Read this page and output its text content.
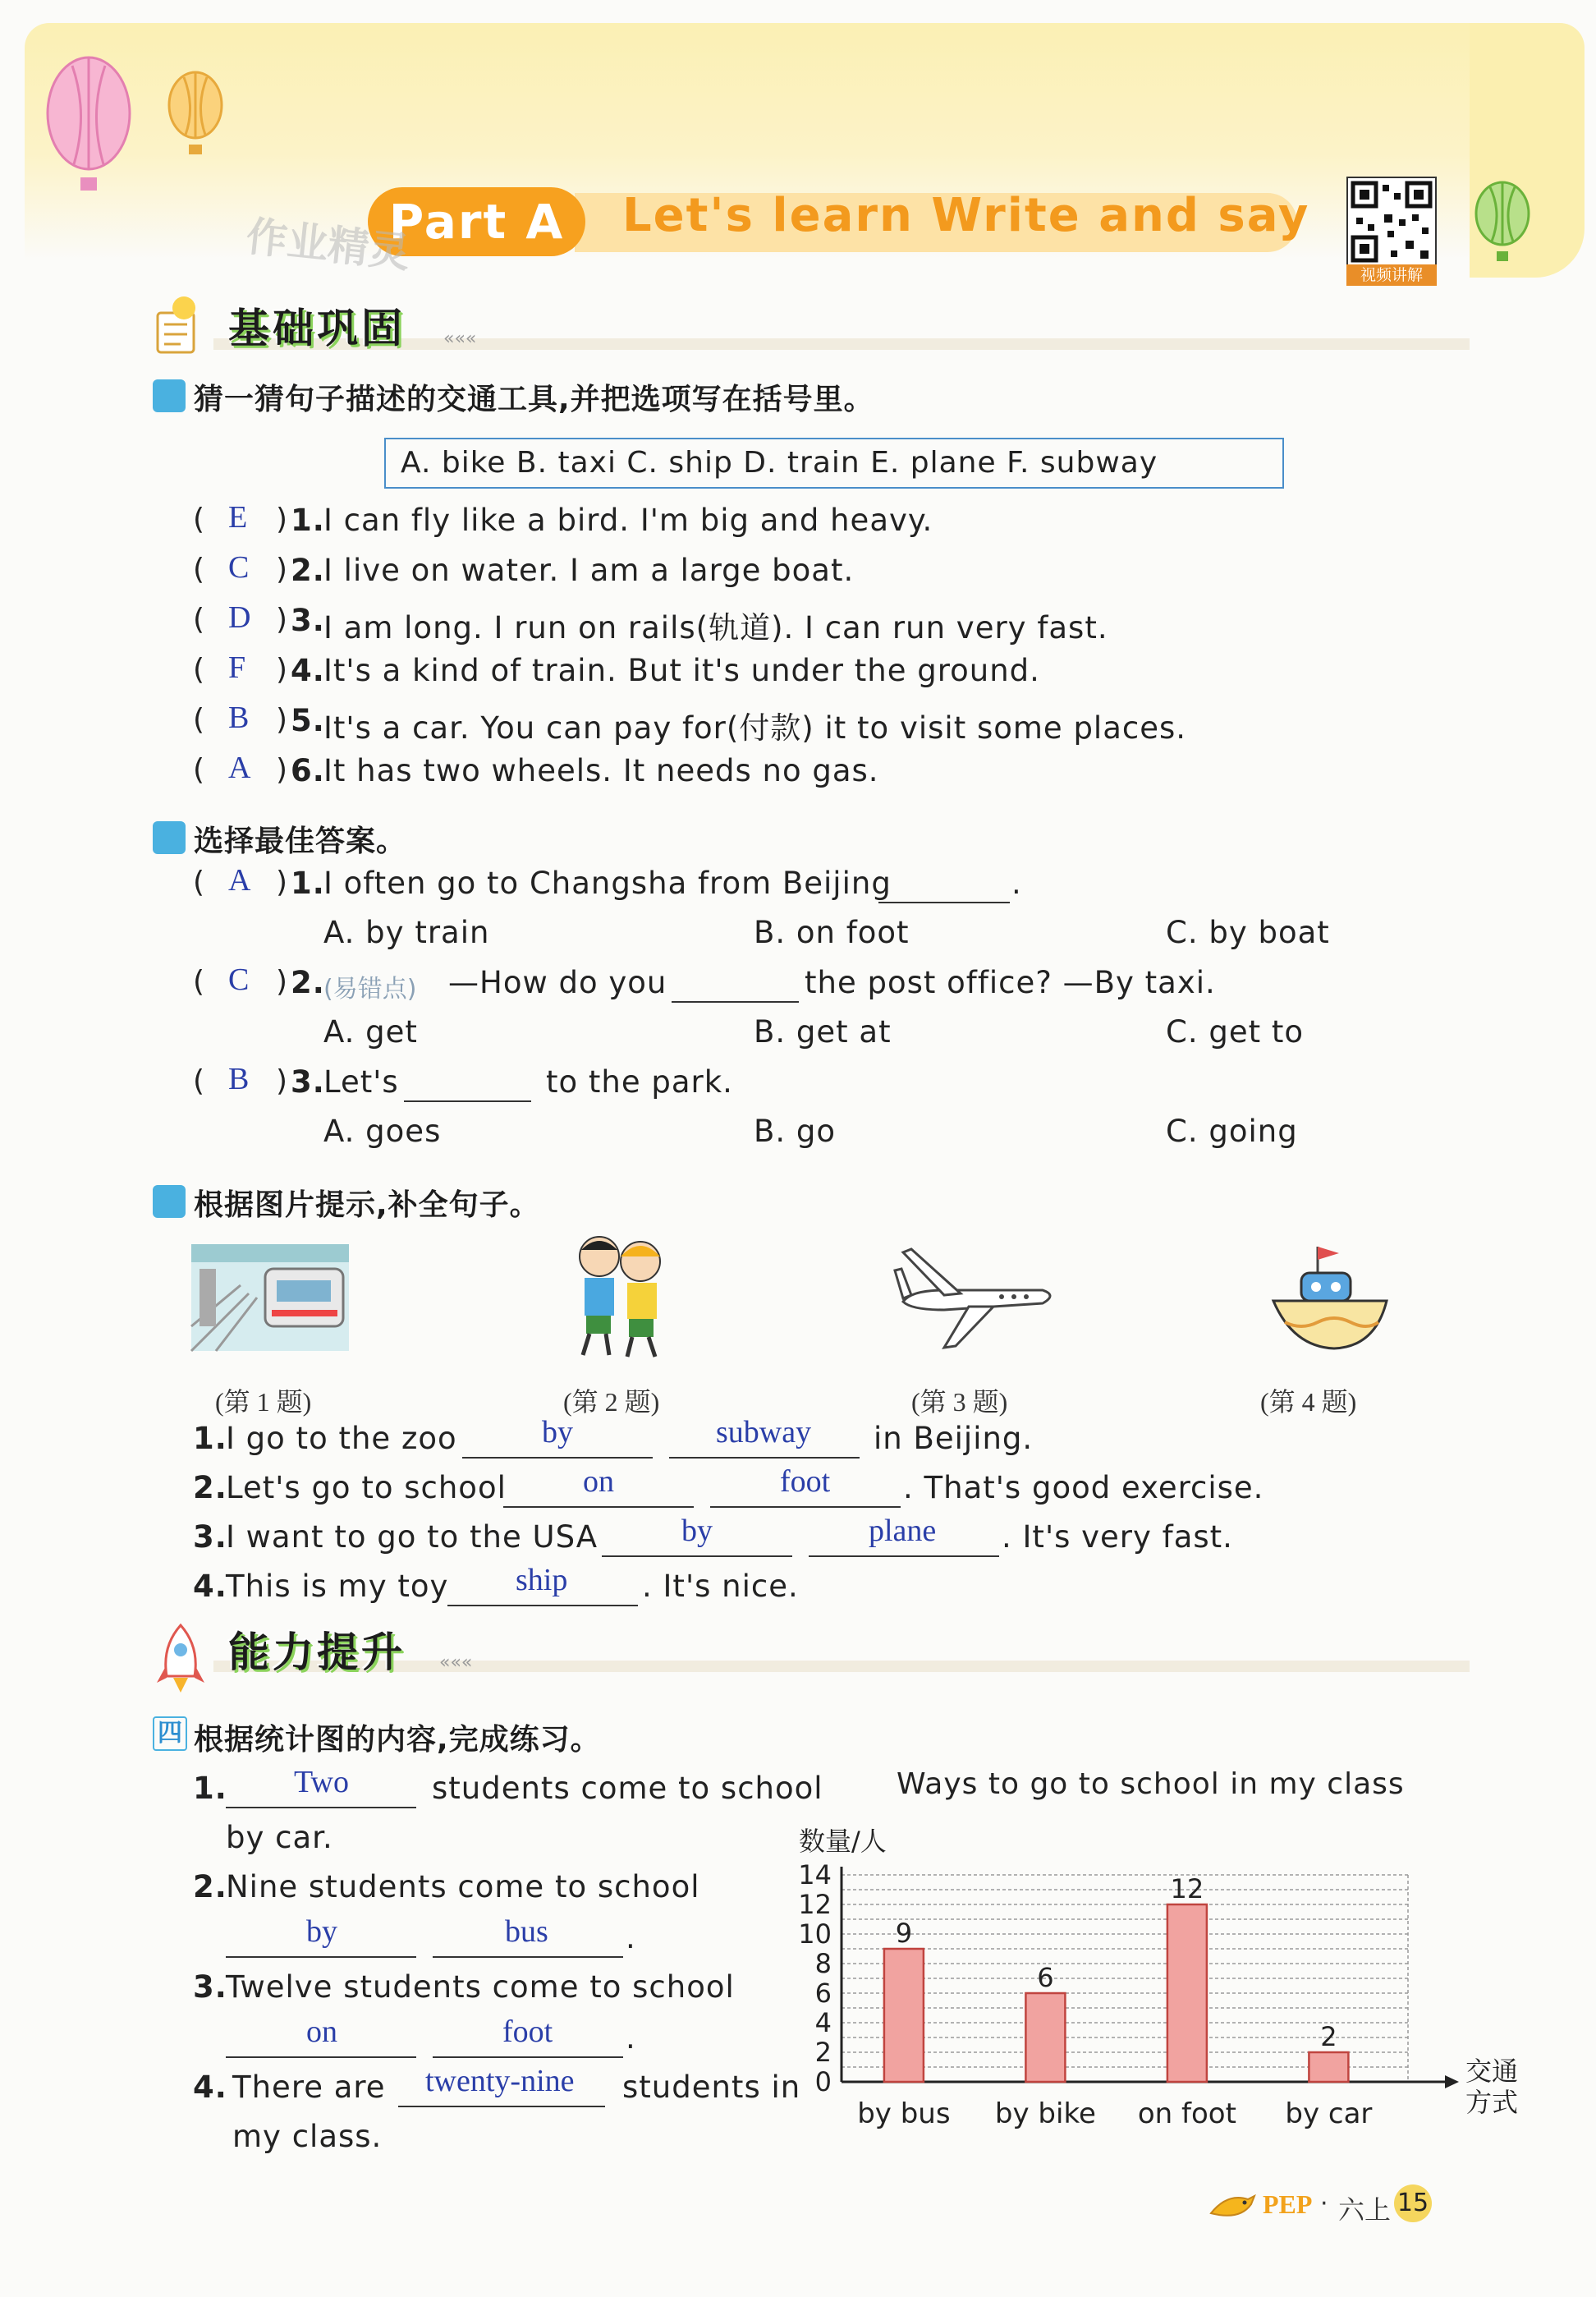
Part A	Let's learn Write and say
作业精灵	视频讲解
基础巩固 «««
猜一猜句子描述的交通工具,并把选项写在括号里。
A. bike B. taxi C. ship D. train E. plane F. subway
( E ) 1.
I can fly like a bird. I'm big and heavy.
( C ) 2.
I live on water. I am a large boat.
( D ) 3.
I am long. I run on rails(轨道). I can run very fast.
( F ) 4.
It's a kind of train. But it's under the ground.
( B ) 5.
It's a car. You can pay for(付款) it to visit some places.
( A ) 6.
It has two wheels. It needs no gas.
选择最佳答案。
( A ) 1.
I often go to Changsha from Beijing	.
A. by train	B. on foot	C. by boat
( C ) 2.
(易错点) —How do you	the post office? —By taxi.
A. get	B. get at	C. get to
( B ) 3.
Let's	to the park.
A. goes	B. go	C. going
根据图片提示,补全句子。
(第 1 题)	(第 2 题)	(第 3 题)	(第 4 题)
1.
I go to the zoo	by	subway in Beijing.
2.
Let's go to school on	foot . That's good exercise.
3.
I want to go to the USA	by	plane . It's very fast.
4.
This is my toy ship . It's nice.
能力提升 «««
四 根据统计图的内容,完成练习。
1. Two	students come to school
by car.
2.
Nine students come to school
by	bus	.
3.
Twelve students come to school
on	foot .
4. There are twenty-nine students in
my class.
Ways to go to school in my class
0
2
4
6
8
10
12
14
数量/人
交通
方式
9
by bus
6
by bike
12
on foot
2
by car
PEP · 六上 15
